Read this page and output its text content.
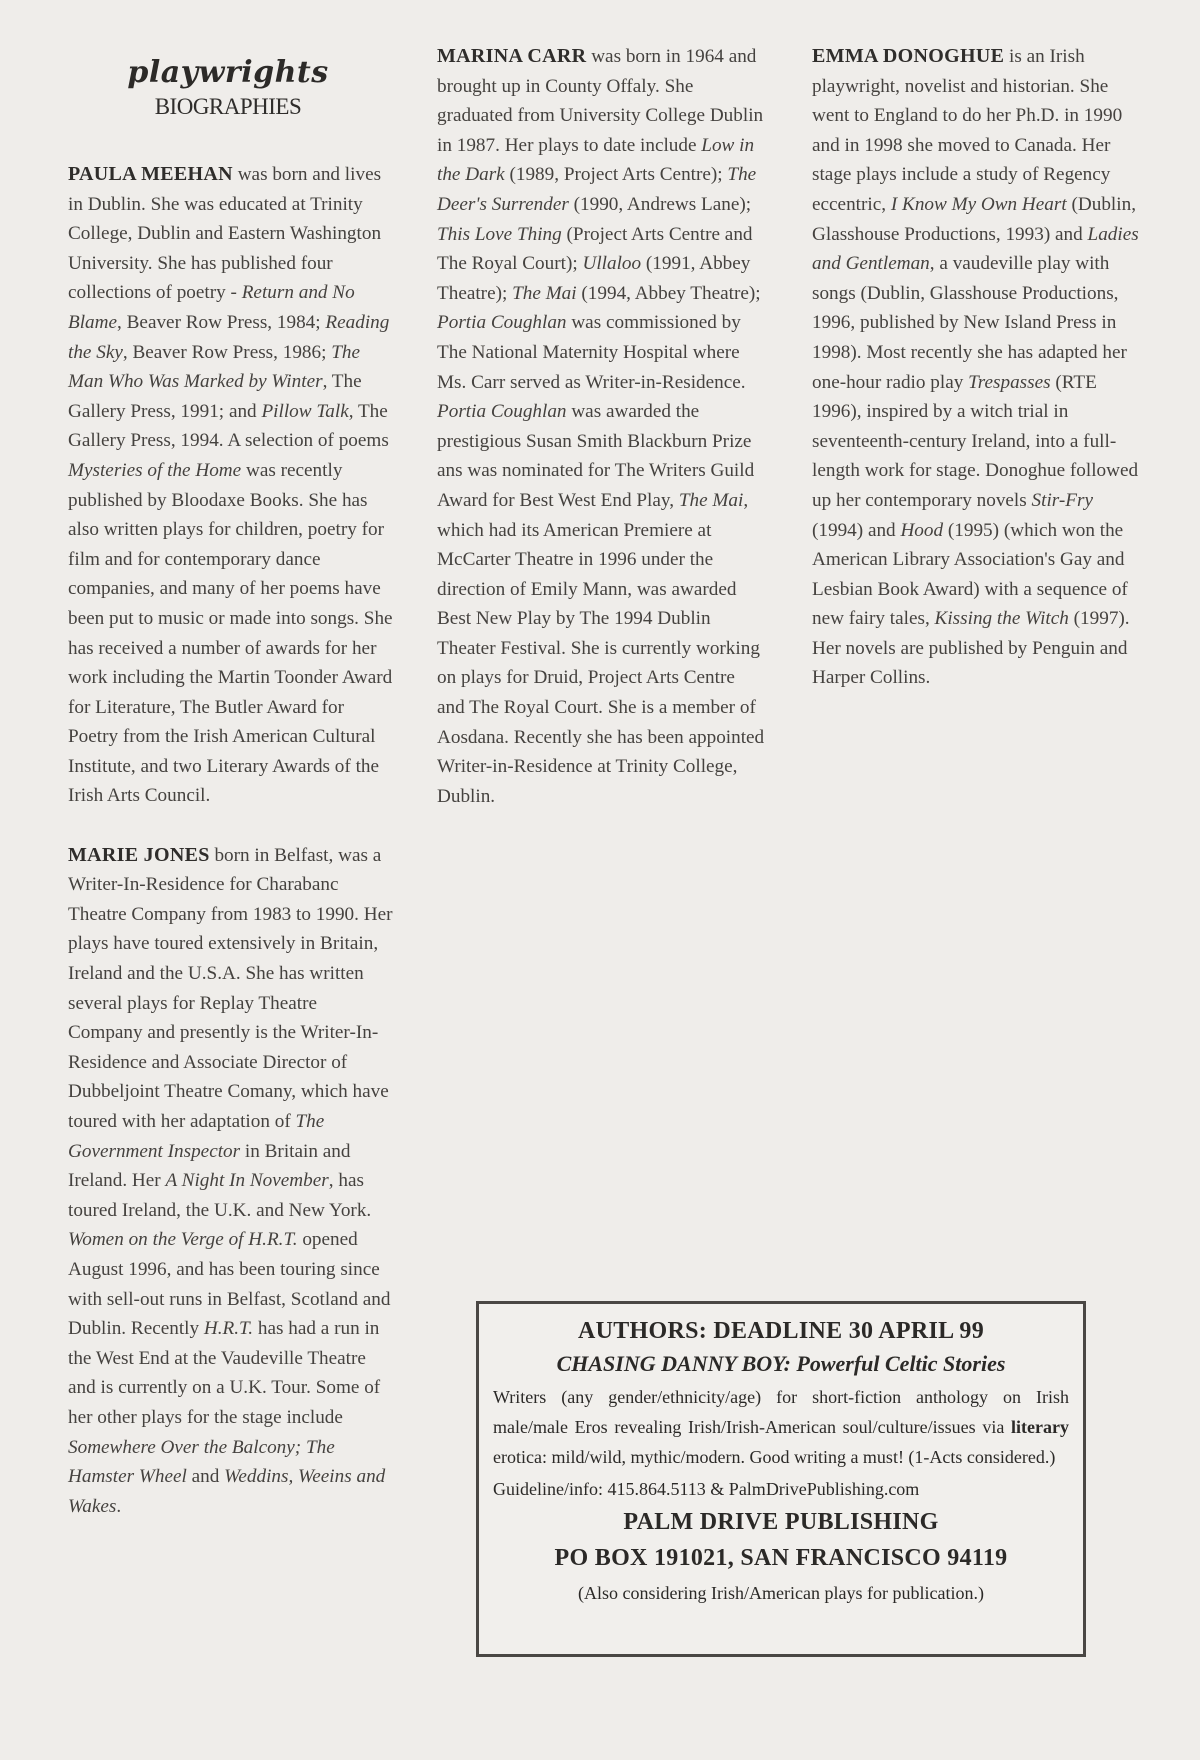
playwrights
BIOGRAPHIES

PAULA MEEHAN was born and lives in Dublin. She was educated at Trinity College, Dublin and Eastern Washington University. She has published four collections of poetry - Return and No Blame, Beaver Row Press, 1984; Reading the Sky, Beaver Row Press, 1986; The Man Who Was Marked by Winter, The Gallery Press, 1991; and Pillow Talk, The Gallery Press, 1994. A selection of poems Mysteries of the Home was recently published by Bloodaxe Books. She has also written plays for children, poetry for film and for contemporary dance companies, and many of her poems have been put to music or made into songs. She has received a number of awards for her work including the Martin Toonder Award for Literature, The Butler Award for Poetry from the Irish American Cultural Institute, and two Literary Awards of the Irish Arts Council.

MARIE JONES born in Belfast, was a Writer-In-Residence for Charabanc Theatre Company from 1983 to 1990. Her plays have toured extensively in Britain, Ireland and the U.S.A. She has written several plays for Replay Theatre Company and presently is the Writer-In-Residence and Associate Director of Dubbeljoint Theatre Comany, which have toured with her adaptation of The Government Inspector in Britain and Ireland. Her A Night In November, has toured Ireland, the U.K. and New York. Women on the Verge of H.R.T. opened August 1996, and has been touring since with sell-out runs in Belfast, Scotland and Dublin. Recently H.R.T. has had a run in the West End at the Vaudeville Theatre and is currently on a U.K. Tour. Some of her other plays for the stage include Somewhere Over the Balcony; The Hamster Wheel and Weddins, Weeins and Wakes.

MARINA CARR was born in 1964 and brought up in County Offaly. She graduated from University College Dublin in 1987. Her plays to date include Low in the Dark (1989, Project Arts Centre); The Deer's Surrender (1990, Andrews Lane); This Love Thing (Project Arts Centre and The Royal Court); Ullaloo (1991, Abbey Theatre); The Mai (1994, Abbey Theatre); Portia Coughlan was commissioned by The National Maternity Hospital where Ms. Carr served as Writer-in-Residence. Portia Coughlan was awarded the prestigious Susan Smith Blackburn Prize ans was nominated for The Writers Guild Award for Best West End Play, The Mai, which had its American Premiere at McCarter Theatre in 1996 under the direction of Emily Mann, was awarded Best New Play by The 1994 Dublin Theater Festival. She is currently working on plays for Druid, Project Arts Centre and The Royal Court. She is a member of Aosdana. Recently she has been appointed Writer-in-Residence at Trinity College, Dublin.

EMMA DONOGHUE is an Irish playwright, novelist and historian. She went to England to do her Ph.D. in 1990 and in 1998 she moved to Canada. Her stage plays include a study of Regency eccentric, I Know My Own Heart (Dublin, Glasshouse Productions, 1993) and Ladies and Gentleman, a vaudeville play with songs (Dublin, Glasshouse Productions, 1996, published by New Island Press in 1998). Most recently she has adapted her one-hour radio play Trespasses (RTE 1996), inspired by a witch trial in seventeenth-century Ireland, into a full-length work for stage. Donoghue followed up her contemporary novels Stir-Fry (1994) and Hood (1995) (which won the American Library Association's Gay and Lesbian Book Award) with a sequence of new fairy tales, Kissing the Witch (1997). Her novels are published by Penguin and Harper Collins.

AUTHORS: DEADLINE 30 APRIL 99
CHASING DANNY BOY: Powerful Celtic Stories
Writers (any gender/ethnicity/age) for short-fiction anthology on Irish male/male Eros revealing Irish/Irish-American soul/culture/issues via literary erotica: mild/wild, mythic/modern. Good writing a must! (1-Acts considered.)
Guideline/info: 415.864.5113 & PalmDrivePublishing.com
PALM DRIVE PUBLISHING
PO BOX 191021, SAN FRANCISCO 94119
(Also considering Irish/American plays for publication.)
